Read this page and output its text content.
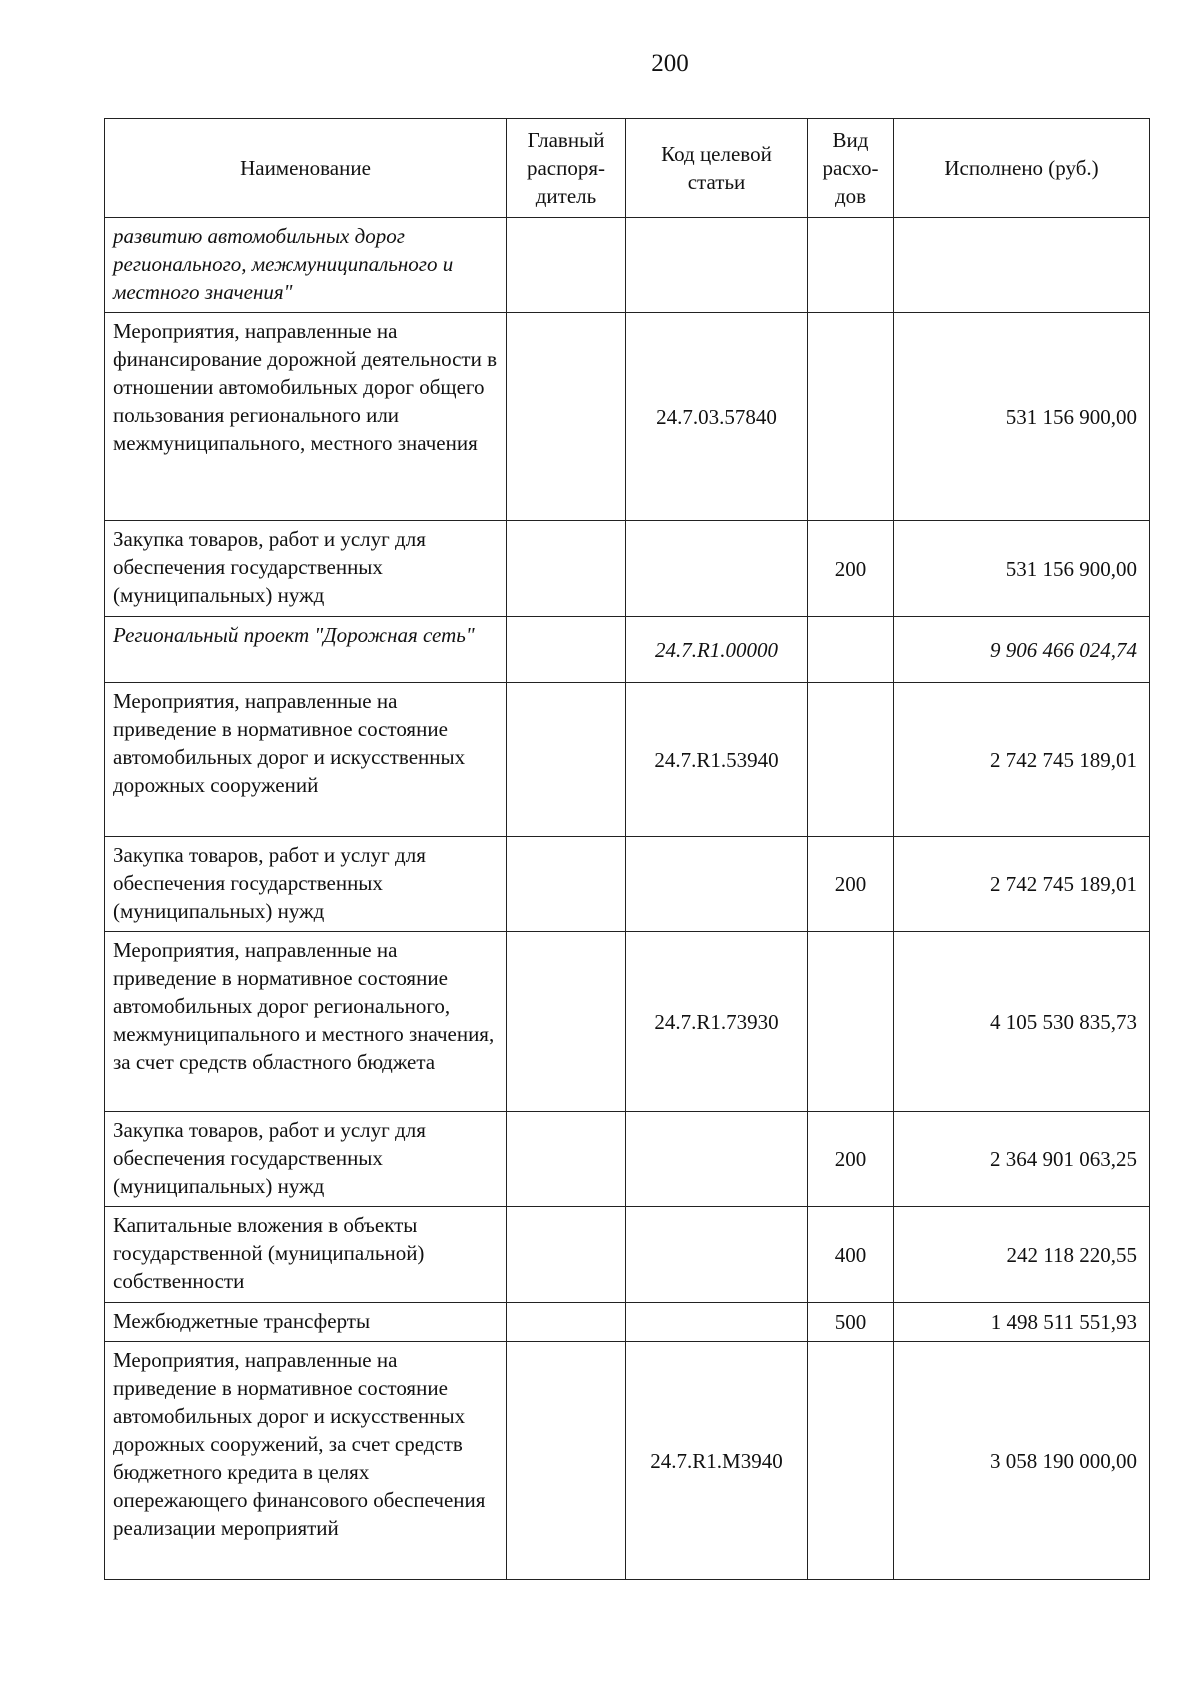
200
Наименование	Главный распоря-дитель	Код целевой статьи	Вид расхо-дов	Исполнено (руб.)
развитию автомобильных дорог регионального, межмуниципального и местного значения"				
Мероприятия, направленные на финансирование дорожной деятельности в отношении автомобильных дорог общего пользования регионального или межмуниципального, местного значения		24.7.03.57840		531 156 900,00
Закупка товаров, работ и услуг для обеспечения государственных (муниципальных) нужд			200	531 156 900,00
Региональный проект "Дорожная сеть"		24.7.R1.00000		9 906 466 024,74
Мероприятия, направленные на приведение в нормативное состояние автомобильных дорог и искусственных дорожных сооружений		24.7.R1.53940		2 742 745 189,01
Закупка товаров, работ и услуг для обеспечения государственных (муниципальных) нужд			200	2 742 745 189,01
Мероприятия, направленные на приведение в нормативное состояние автомобильных дорог регионального, межмуниципального и местного значения, за счет средств областного бюджета		24.7.R1.73930		4 105 530 835,73
Закупка товаров, работ и услуг для обеспечения государственных (муниципальных) нужд			200	2 364 901 063,25
Капитальные вложения в объекты государственной (муниципальной) собственности			400	242 118 220,55
Межбюджетные трансферты			500	1 498 511 551,93
Мероприятия, направленные на приведение в нормативное состояние автомобильных дорог и искусственных дорожных сооружений, за счет средств бюджетного кредита в целях опережающего финансового обеспечения реализации мероприятий		24.7.R1.M3940		3 058 190 000,00
